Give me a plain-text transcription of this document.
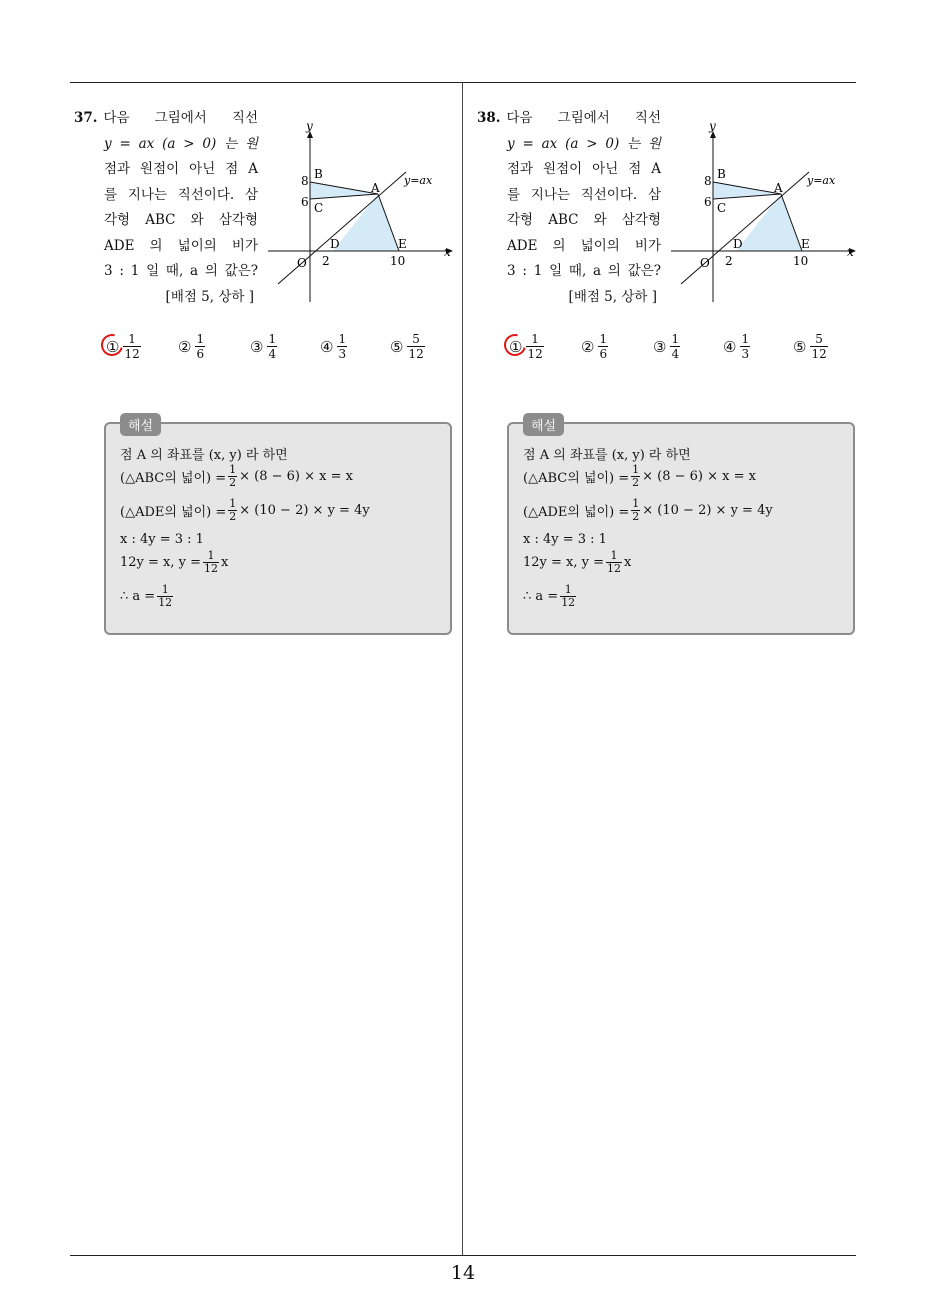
37. 다음 그림에서 직선
y = ax (a > 0) 는 원
점과 원점이 아닌 점 A
를 지나는 직선이다. 삼
각형 ABC 와 삼각형
ADE 의 넓이의 비가
3 : 1 일 때, a 의 값은?
[배점 5, 상하 ]
y
x
O
8
6
2	10
B
C
A
D	E
y=ax
① $\frac{1}{12}$ ② $\frac{1}{6}$	③ $\frac{1}{4}$	④ $\frac{1}{3}$	⑤ $\frac{5}{12}$
해설
점 A 의 좌표를 (x, y) 라 하면
(△ABC의 넓이) = $\frac{1}{2} \times (8 - 6) \times x = x$
(△ADE의 넓이) = $\frac{1}{2} \times (10 - 2) \times y = 4y$
x : 4y = 3 : 1
12y = x, $y = \frac{1}{12}$ x
∴ $a = \frac{1}{12}$
38. 다음 그림에서 직선
y = ax (a > 0) 는 원
점과 원점이 아닌 점 A
를 지나는 직선이다. 삼
각형 ABC 와 삼각형
ADE 의 넓이의 비가
3 : 1 일 때, a 의 값은?
[배점 5, 상하 ]
y
x
O
8
6
2	10
B
C
A
D	E
y=ax
① $\frac{1}{12}$ ② $\frac{1}{6}$	③ $\frac{1}{4}$	④ $\frac{1}{3}$	⑤ $\frac{5}{12}$
해설
점 A 의 좌표를 (x, y) 라 하면
(△ABC의 넓이) = $\frac{1}{2} \times (8 - 6) \times x = x$
(△ADE의 넓이) = $\frac{1}{2} \times (10 - 2) \times y = 4y$
x : 4y = 3 : 1
12y = x, $y = \frac{1}{12}$ x
∴ $a = \frac{1}{12}$
14
